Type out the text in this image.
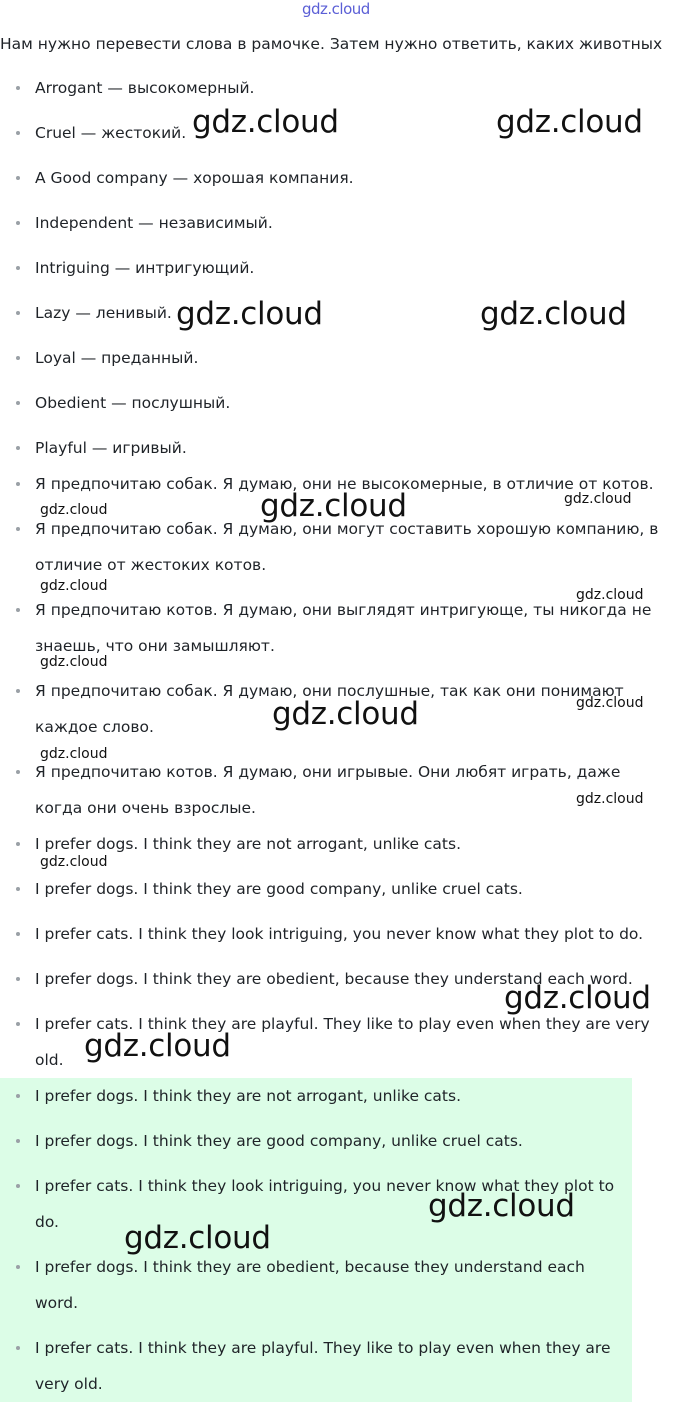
gdz.cloud
Нам нужно перевести слова в рамочке. Затем нужно ответить, каких животных
Arrogant — высокомерный.
Cruel — жестокий.
A Good company — хорошая компания.
Independent — независимый.
Intriguing — интригующий.
Lazy — ленивый.
Loyal — преданный.
Obedient — послушный.
Playful — игривый.
Я предпочитаю собак. Я думаю, они не высокомерные, в отличие от котов.
Я предпочитаю собак. Я думаю, они могут составить хорошую компанию, в отличие от жестоких котов.
Я предпочитаю котов. Я думаю, они выглядят интригующе, ты никогда не знаешь, что они замышляют.
Я предпочитаю собак. Я думаю, они послушные, так как они понимают каждое слово.
Я предпочитаю котов. Я думаю, они игрывые. Они любят играть, даже когда они очень взрослые.
I prefer dogs. I think they are not arrogant, unlike cats.
I prefer dogs. I think they are good company, unlike cruel cats.
I prefer cats. I think they look intriguing, you never know what they plot to do.
I prefer dogs. I think they are obedient, because they understand each word.
I prefer cats. I think they are playful. They like to play even when they are very old.
I prefer dogs. I think they are not arrogant, unlike cats.
I prefer dogs. I think they are good company, unlike cruel cats.
I prefer cats. I think they look intriguing, you never know what they plot to do.
I prefer dogs. I think they are obedient, because they understand each word.
I prefer cats. I think they are playful. They like to play even when they are very old.
gdz.cloud	gdz.cloud
gdz.cloud	gdz.cloud
gdz.cloud
gdz.cloud
gdz.cloud
gdz.cloud
gdz.cloud
gdz.cloud
gdz.cloud	gdz.cloud
gdz.cloud
gdz.cloud
gdz.cloud
gdz.cloud
gdz.cloud
gdz.cloud
gdz.cloud
